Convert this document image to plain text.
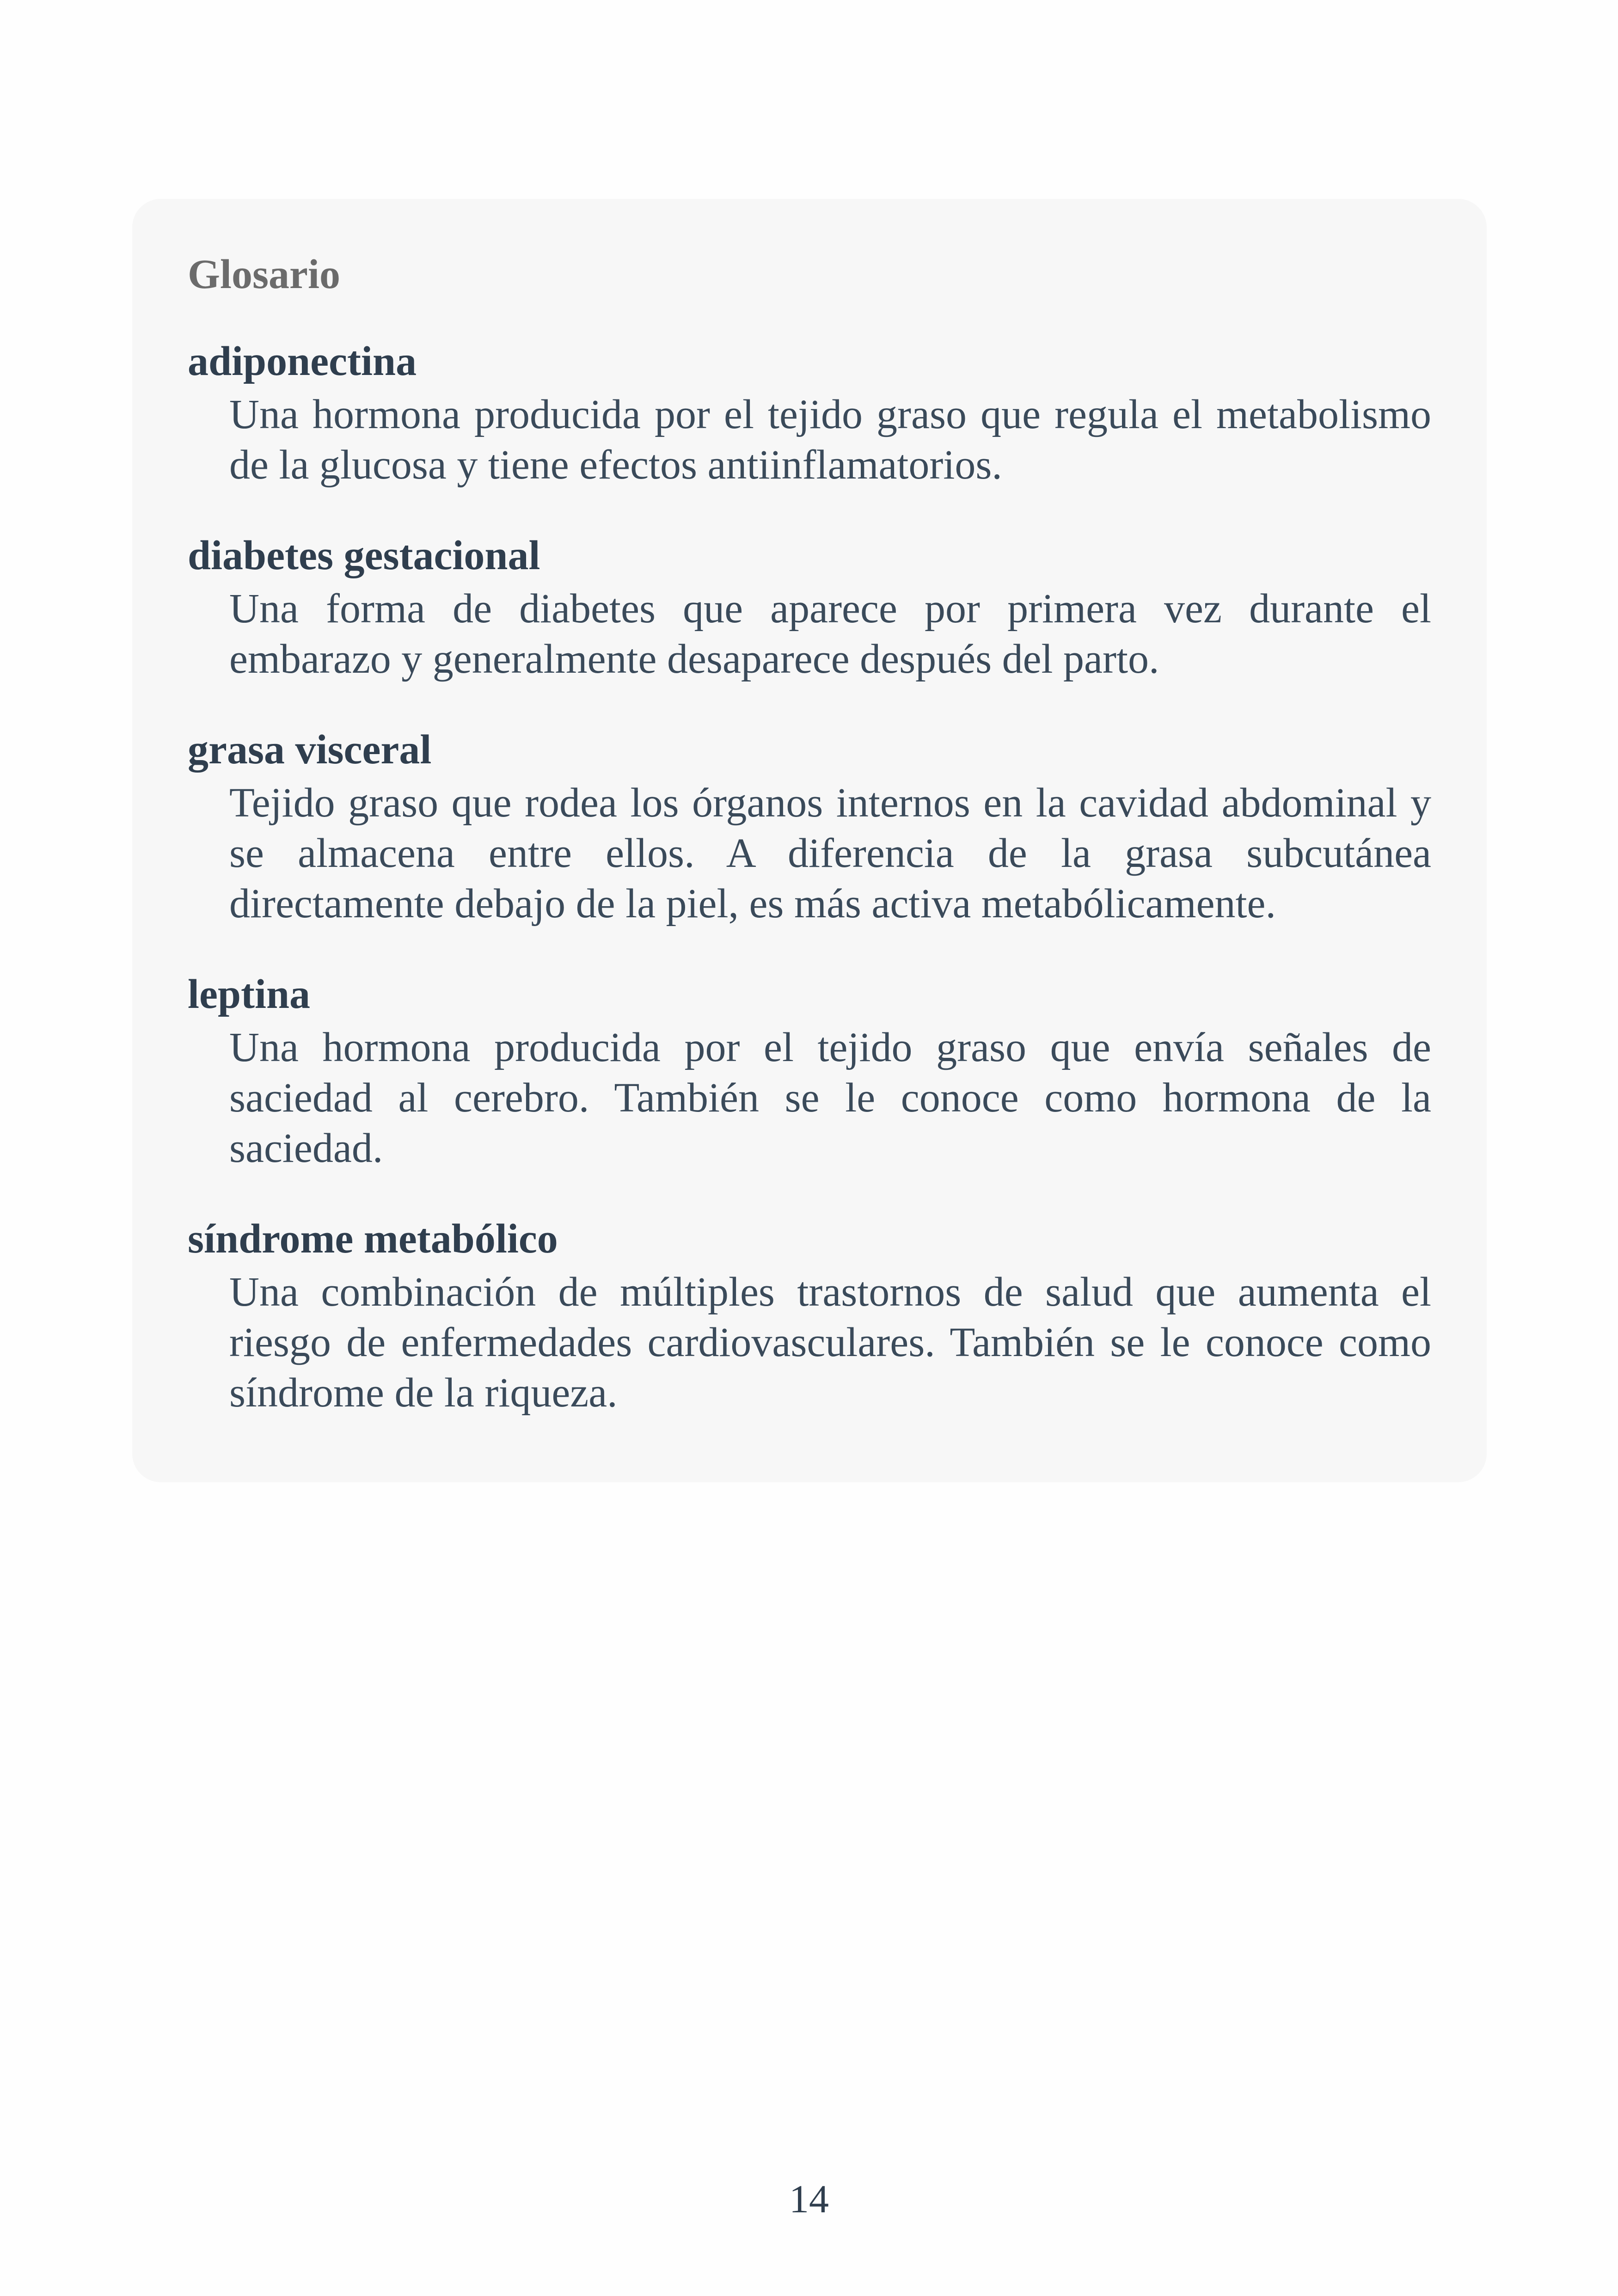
Glosario

adiponectina

Una hormona producida por el tejido graso que regula el metabolismo de la glucosa y tiene efectos antiinflamatorios.

diabetes gestacional

Una forma de diabetes que aparece por primera vez durante el embarazo y generalmente desaparece después del parto.

grasa visceral

Tejido graso que rodea los órganos internos en la cavidad abdominal y se almacena entre ellos. A diferencia de la grasa subcutánea directamente debajo de la piel, es más activa metabólicamente.

leptina

Una hormona producida por el tejido graso que envía señales de saciedad al cerebro. También se le conoce como hormona de la saciedad.

síndrome metabólico

Una combinación de múltiples trastornos de salud que aumenta el riesgo de enfermedades cardiovasculares. También se le conoce como síndrome de la riqueza.

14
